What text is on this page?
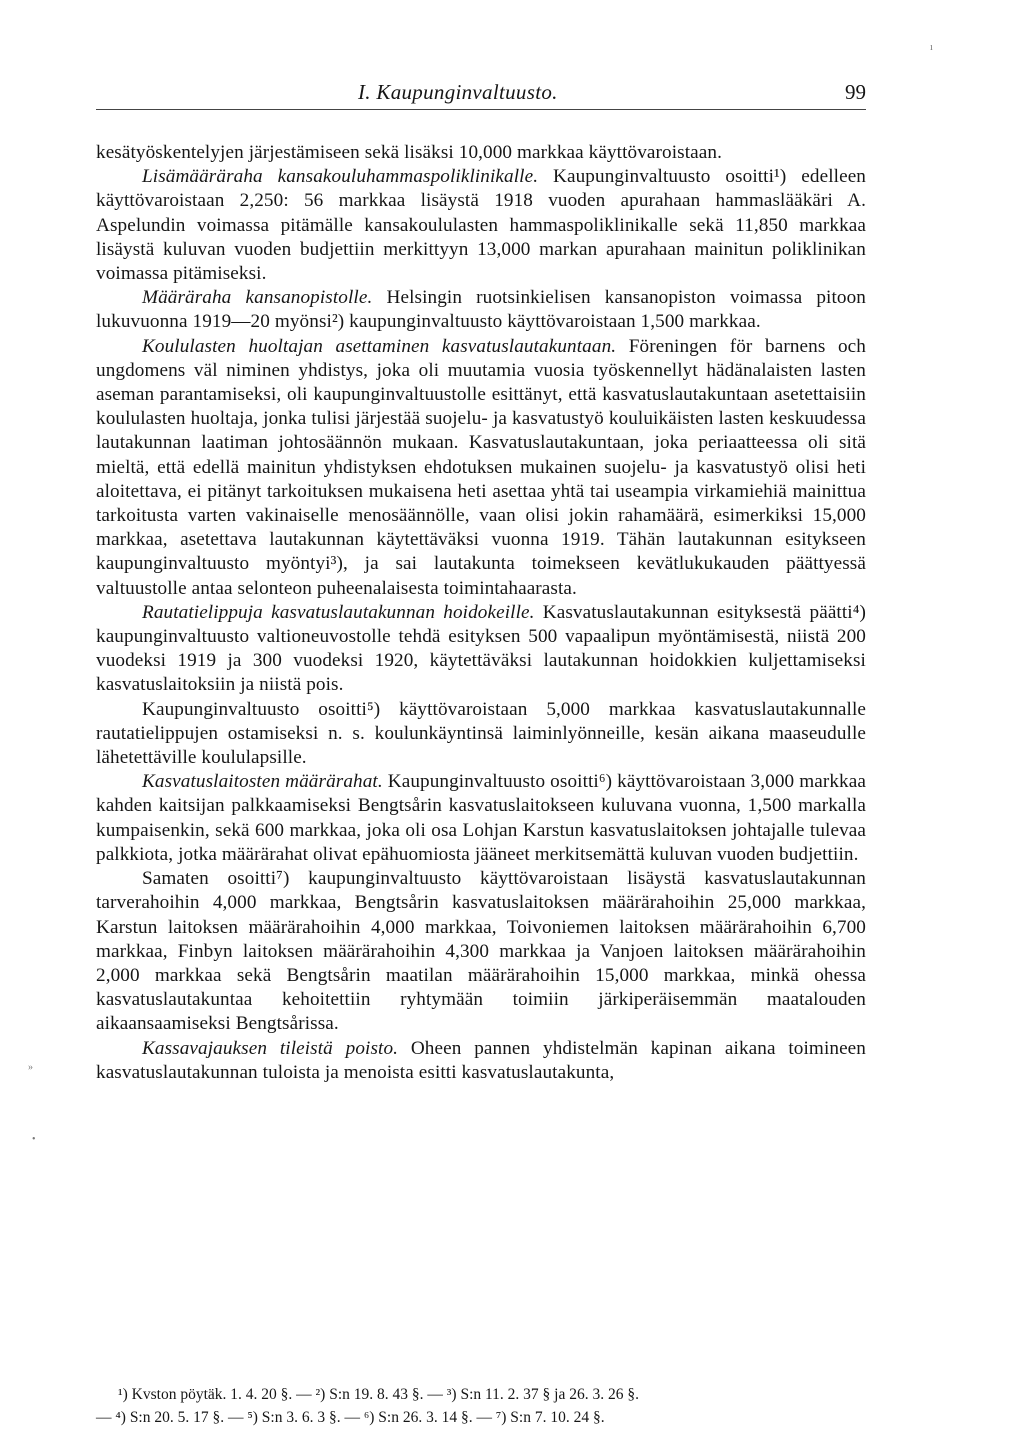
I. Kaupunginvaltuusto.	99

kesätyöskentelyjen järjestämiseen sekä lisäksi 10,000 markkaa käyttövaroistaan.

Lisämääräraha kansakouluhammaspoliklinikalle. Kaupunginvaltuusto osoitti¹) edelleen käyttövaroistaan 2,250: 56 markkaa lisäystä 1918 vuoden apurahaan hammaslääkäri A. Aspelundin voimassa pitämälle kansakoululasten hammaspoliklinikalle sekä 11,850 markkaa lisäystä kuluvan vuoden budjettiin merkittyyn 13,000 markan apurahaan mainitun poliklinikan voimassa pitämiseksi.

Määräraha kansanopistolle. Helsingin ruotsinkielisen kansanopiston voimassa pitoon lukuvuonna 1919—20 myönsi²) kaupunginvaltuusto käyttövaroistaan 1,500 markkaa.

Koululasten huoltajan asettaminen kasvatuslautakuntaan. Föreningen för barnens och ungdomens väl niminen yhdistys, joka oli muutamia vuosia työskennellyt hädänalaisten lasten aseman parantamiseksi, oli kaupunginvaltuustolle esittänyt, että kasvatuslautakuntaan asetettaisiin koululasten huoltaja, jonka tulisi järjestää suojelu- ja kasvatustyö kouluikäisten lasten keskuudessa lautakunnan laatiman johtosäännön mukaan. Kasvatuslautakuntaan, joka periaatteessa oli sitä mieltä, että edellä mainitun yhdistyksen ehdotuksen mukainen suojelu- ja kasvatustyö olisi heti aloitettava, ei pitänyt tarkoituksen mukaisena heti asettaa yhtä tai useampia virkamiehiä mainittua tarkoitusta varten vakinaiselle menosäännölle, vaan olisi jokin rahamäärä, esimerkiksi 15,000 markkaa, asetettava lautakunnan käytettäväksi vuonna 1919. Tähän lautakunnan esitykseen kaupunginvaltuusto myöntyi³), ja sai lautakunta toimekseen kevätlukukauden päättyessä valtuustolle antaa selonteon puheenalaisesta toimintahaarasta.

Rautatielippuja kasvatuslautakunnan hoidokeille. Kasvatuslautakunnan esityksestä päätti⁴) kaupunginvaltuusto valtioneuvostolle tehdä esityksen 500 vapaalipun myöntämisestä, niistä 200 vuodeksi 1919 ja 300 vuodeksi 1920, käytettäväksi lautakunnan hoidokkien kuljettamiseksi kasvatuslaitoksiin ja niistä pois.

Kaupunginvaltuusto osoitti⁵) käyttövaroistaan 5,000 markkaa kasvatuslautakunnalle rautatielippujen ostamiseksi n. s. koulunkäyntinsä laiminlyönneille, kesän aikana maaseudulle lähetettäville koululapsille.

Kasvatuslaitosten määrärahat. Kaupunginvaltuusto osoitti⁶) käyttövaroistaan 3,000 markkaa kahden kaitsijan palkkaamiseksi Bengtsårin kasvatuslaitokseen kuluvana vuonna, 1,500 markalla kumpaisenkin, sekä 600 markkaa, joka oli osa Lohjan Karstun kasvatuslaitoksen johtajalle tulevaa palkkiota, jotka määrärahat olivat epähuomiosta jääneet merkitsemättä kuluvan vuoden budjettiin.

Samaten osoitti⁷) kaupunginvaltuusto käyttövaroistaan lisäystä kasvatuslautakunnan tarverahoihin 4,000 markkaa, Bengtsårin kasvatuslaitoksen määrärahoihin 25,000 markkaa, Karstun laitoksen määrärahoihin 4,000 markkaa, Toivoniemen laitoksen määrärahoihin 6,700 markkaa, Finbyn laitoksen määrärahoihin 4,300 markkaa ja Vanjoen laitoksen määrärahoihin 2,000 markkaa sekä Bengtsårin maatilan määrärahoihin 15,000 markkaa, minkä ohessa kasvatuslautakuntaa kehoitettiin ryhtymään toimiin järkiperäisemmän maatalouden aikaansaamiseksi Bengtsårissa.

Kassavajauksen tileistä poisto. Oheen pannen yhdistelmän kapinan aikana toimineen kasvatuslautakunnan tuloista ja menoista esitti kasvatuslautakunta,

¹) Kvston pöytäk. 1. 4. 20 §. — ²) S:n 19. 8. 43 §. — ³) S:n 11. 2. 37 § ja 26. 3. 26 §.
— ⁴) S:n 20. 5. 17 §. — ⁵) S:n 3. 6. 3 §. — ⁶) S:n 26. 3. 14 §. — ⁷) S:n 7. 10. 24 §.
ı
»
•
